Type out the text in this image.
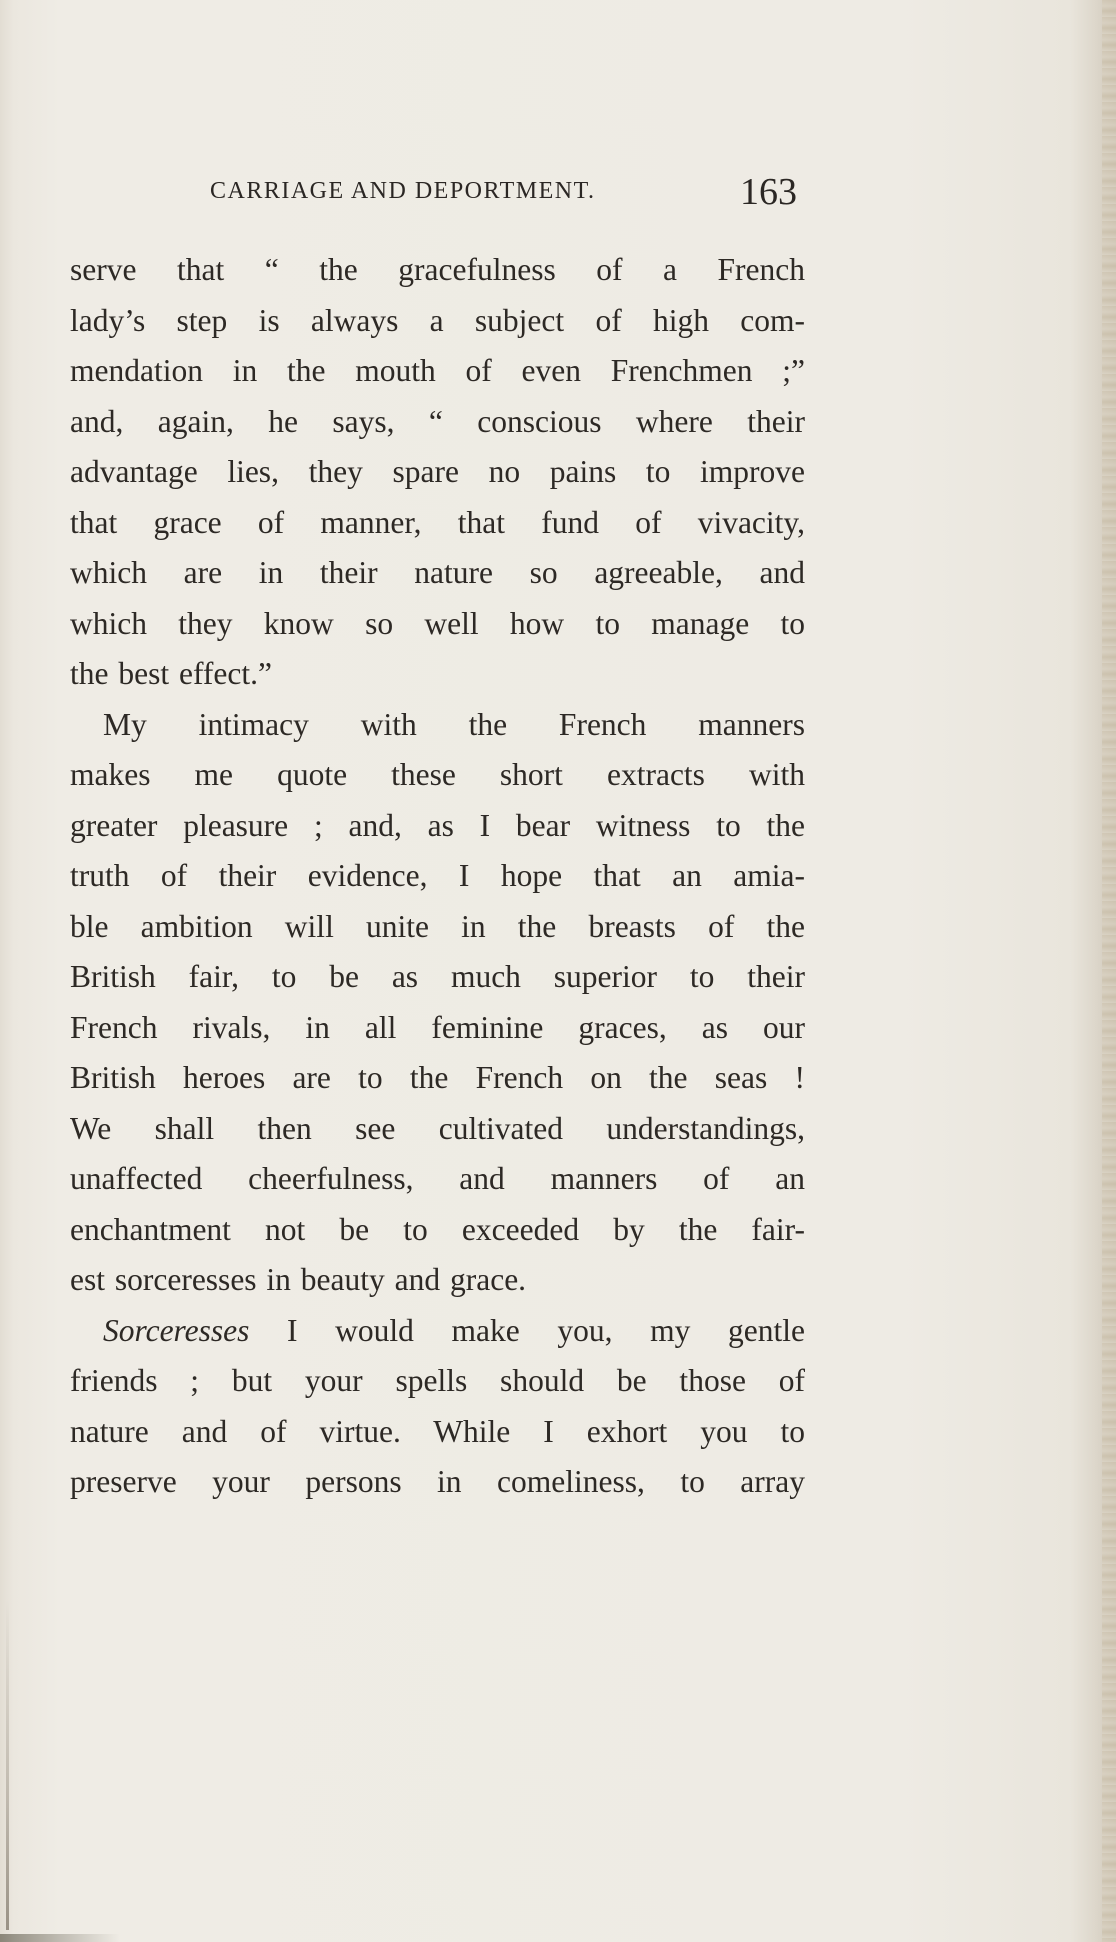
CARRIAGE AND DEPORTMENT.	163
serve that “ the gracefulness of a French
lady’s step is always a subject of high com-
mendation in the mouth of even Frenchmen ;”
and, again, he says, “ conscious where their
advantage lies, they spare no pains to improve
that grace of manner, that fund of vivacity,
which are in their nature so agreeable, and
which they know so well how to manage to
the best effect.”
My intimacy with the French manners
makes me quote these short extracts with
greater pleasure ; and, as I bear witness to the
truth of their evidence, I hope that an amia-
ble ambition will unite in the breasts of the
British fair, to be as much superior to their
French rivals, in all feminine graces, as our
British heroes are to the French on the seas !
We shall then see cultivated understandings,
unaffected cheerfulness, and manners of an
enchantment not be to exceeded by the fair-
est sorceresses in beauty and grace.
Sorceresses I would make you, my gentle
friends ; but your spells should be those of
nature and of virtue. While I exhort you to
preserve your persons in comeliness, to array
